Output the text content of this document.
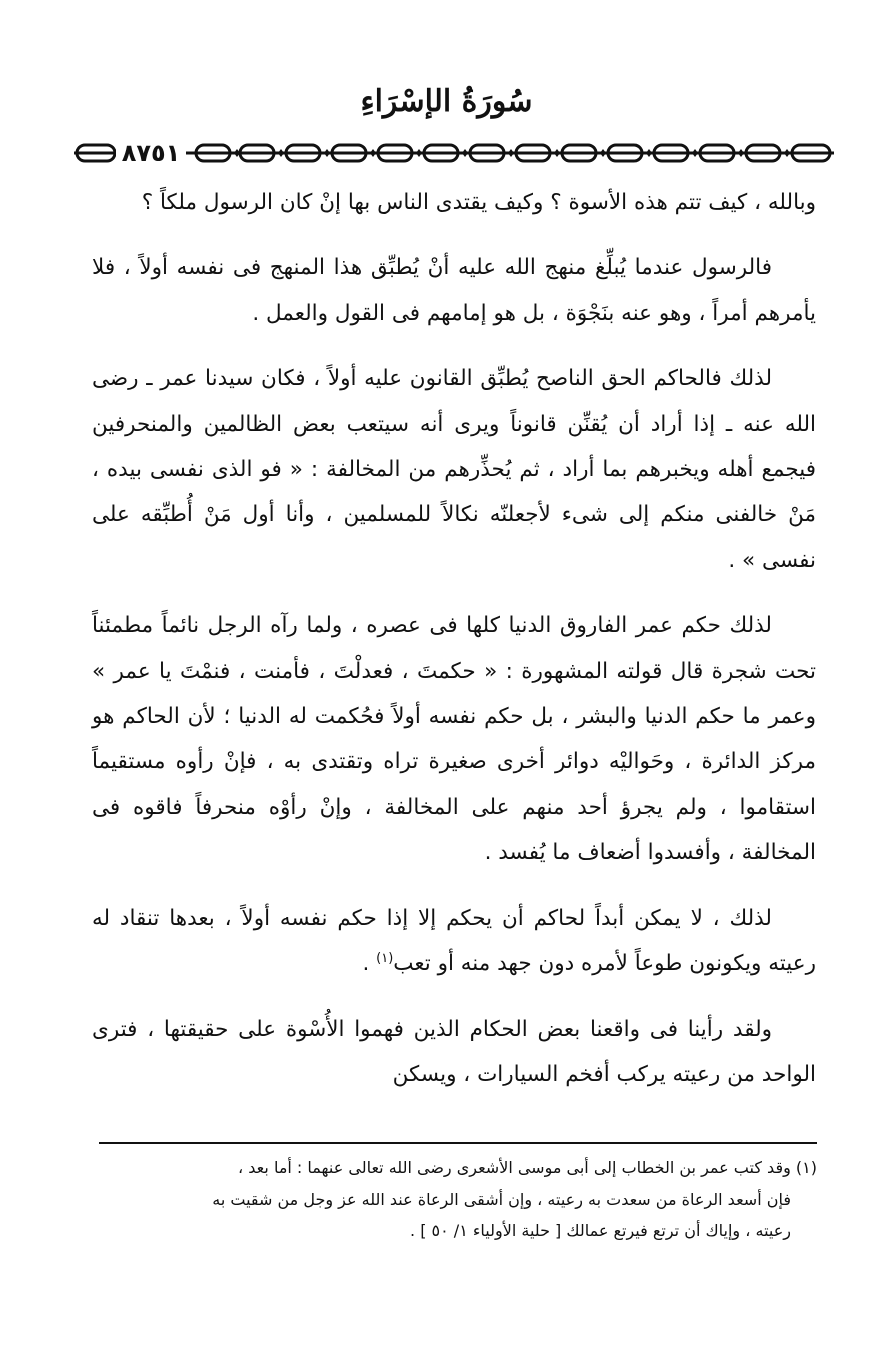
سُورَةُ الإسْرَاءِ
٨٧٥١

وبالله ، كيف تتم هذه الأسوة ؟ وكيف يقتدى الناس بها إنْ كان الرسول ملكاً ؟

فالرسول عندما يُبلِّغ منهج الله عليه أنْ يُطبِّق هذا المنهج فى نفسه أولاً ، فلا يأمرهم أمراً ، وهو عنه بنَجْوَة ، بل هو إمامهم فى القول والعمل .

لذلك فالحاكم الحق الناصح يُطبِّق القانون عليه أولاً ، فكان سيدنا عمر ـ رضى الله عنه ـ إذا أراد أن يُقنِّن قانوناً ويرى أنه سيتعب بعض الظالمين والمنحرفين فيجمع أهله ويخبرهم بما أراد ، ثم يُحذِّرهم من المخالفة : « فو الذى نفسى بيده ، مَنْ خالفنى منكم إلى شىء لأجعلنّه نكالاً للمسلمين ، وأنا أول مَنْ أُطبِّقه على نفسى » .

لذلك حكم عمر الفاروق الدنيا كلها فى عصره ، ولما رآه الرجل نائماً مطمئناً تحت شجرة قال قولته المشهورة : « حكمتَ ، فعدلْتَ ، فأمنت ، فنمْتَ يا عمر » وعمر ما حكم الدنيا والبشر ، بل حكم نفسه أولاً فحُكمت له الدنيا ؛ لأن الحاكم هو مركز الدائرة ، وحَواليْه دوائر أخرى صغيرة تراه وتقتدى به ، فإنْ رأوه مستقيماً استقاموا ، ولم يجرؤ أحد منهم على المخالفة ، وإنْ رأوْه منحرفاً فاقوه فى المخالفة ، وأفسدوا أضعاف ما يُفسد .

لذلك ، لا يمكن أبداً لحاكم أن يحكم إلا إذا حكم نفسه أولاً ، بعدها تنقاد له رعيته ويكونون طوعاً لأمره دون جهد منه أو تعب$^{(١)}$ .

ولقد رأينا فى واقعنا بعض الحكام الذين فهموا الأُسْوة على حقيقتها ، فترى الواحد من رعيته يركب أفخم السيارات ، ويسكن

(١) وقد كتب عمر بن الخطاب إلى أبى موسى الأشعرى رضى الله تعالى عنهما : أما بعد ،
فإن أسعد الرعاة من سعدت به رعيته ، وإن أشقى الرعاة عند الله عز وجل من شقيت به
رعيته ، وإياك أن ترتع فيرتع عمالك [ حلية الأولياء ١/ ٥٠ ] .
